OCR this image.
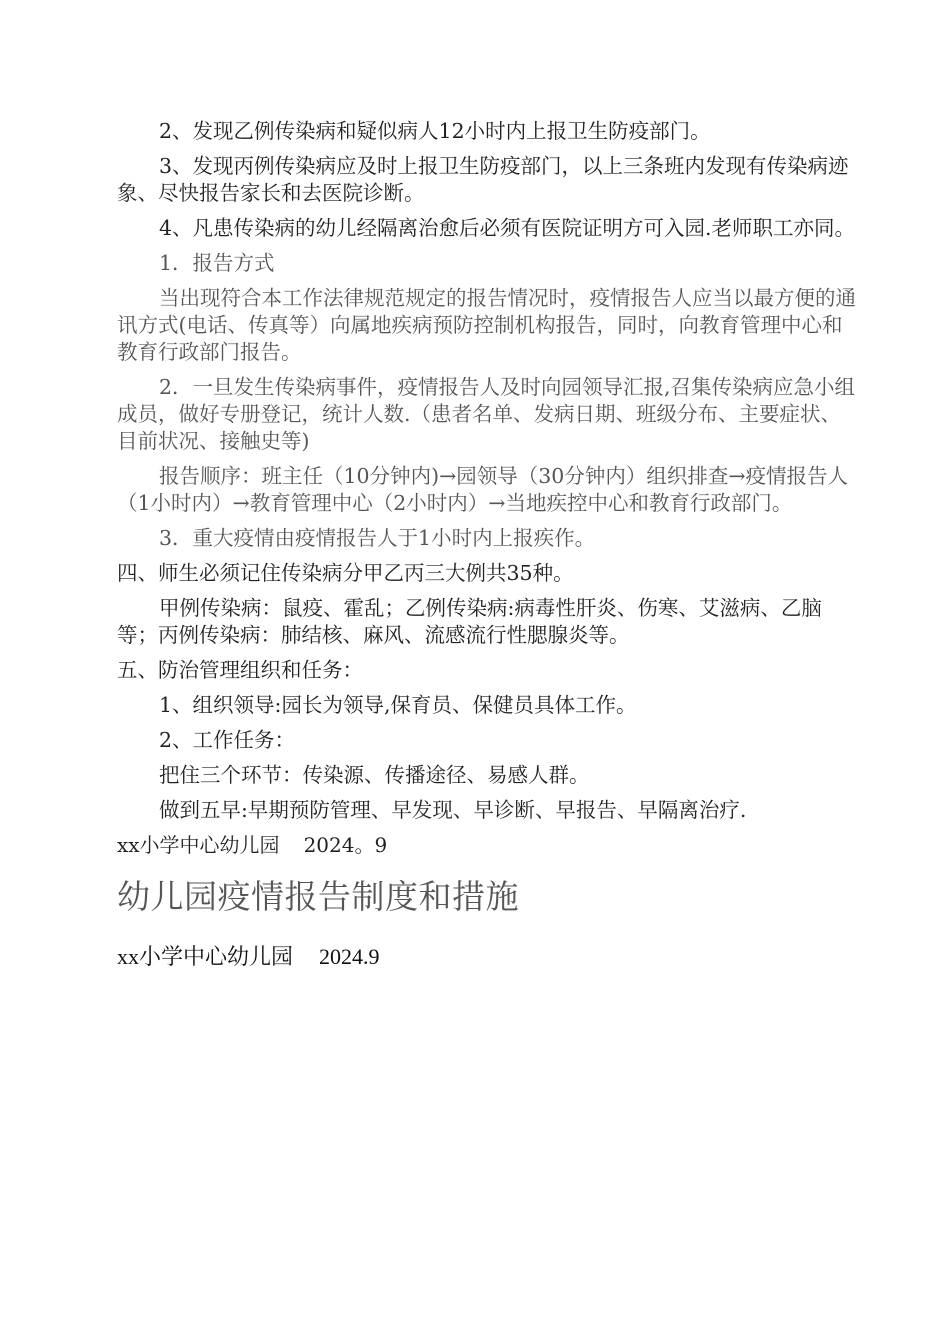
2、发现乙例传染病和疑似病人12小时内上报卫生防疫部门。

3、发现丙例传染病应及时上报卫生防疫部门，以上三条班内发现有传染病迹象、尽快报告家长和去医院诊断。

4、凡患传染病的幼儿经隔离治愈后必须有医院证明方可入园.老师职工亦同。

1．报告方式

当出现符合本工作法律规范规定的报告情况时，疫情报告人应当以最方便的通讯方式(电话、传真等）向属地疾病预防控制机构报告，同时，向教育管理中心和教育行政部门报告。

2．一旦发生传染病事件，疫情报告人及时向园领导汇报,召集传染病应急小组成员，做好专册登记，统计人数.（患者名单、发病日期、班级分布、主要症状、目前状况、接触史等)

报告顺序：班主任（10分钟内)→园领导（30分钟内）组织排查→疫情报告人（1小时内）→教育管理中心（2小时内）→当地疾控中心和教育行政部门。

3．重大疫情由疫情报告人于1小时内上报疾作。

四、师生必须记住传染病分甲乙丙三大例共35种。

甲例传染病：鼠疫、霍乱；乙例传染病:病毒性肝炎、伤寒、艾滋病、乙脑等；丙例传染病：肺结核、麻风、流感流行性腮腺炎等。

五、防治管理组织和任务：

1、组织领导:园长为领导,保育员、保健员具体工作。

2、工作任务：

把住三个环节：传染源、传播途径、易感人群。

做到五早:早期预防管理、早发现、早诊断、早报告、早隔离治疗.

xx小学中心幼儿园 2024。9
幼儿园疫情报告制度和措施
xx小学中心幼儿园 2024.9
